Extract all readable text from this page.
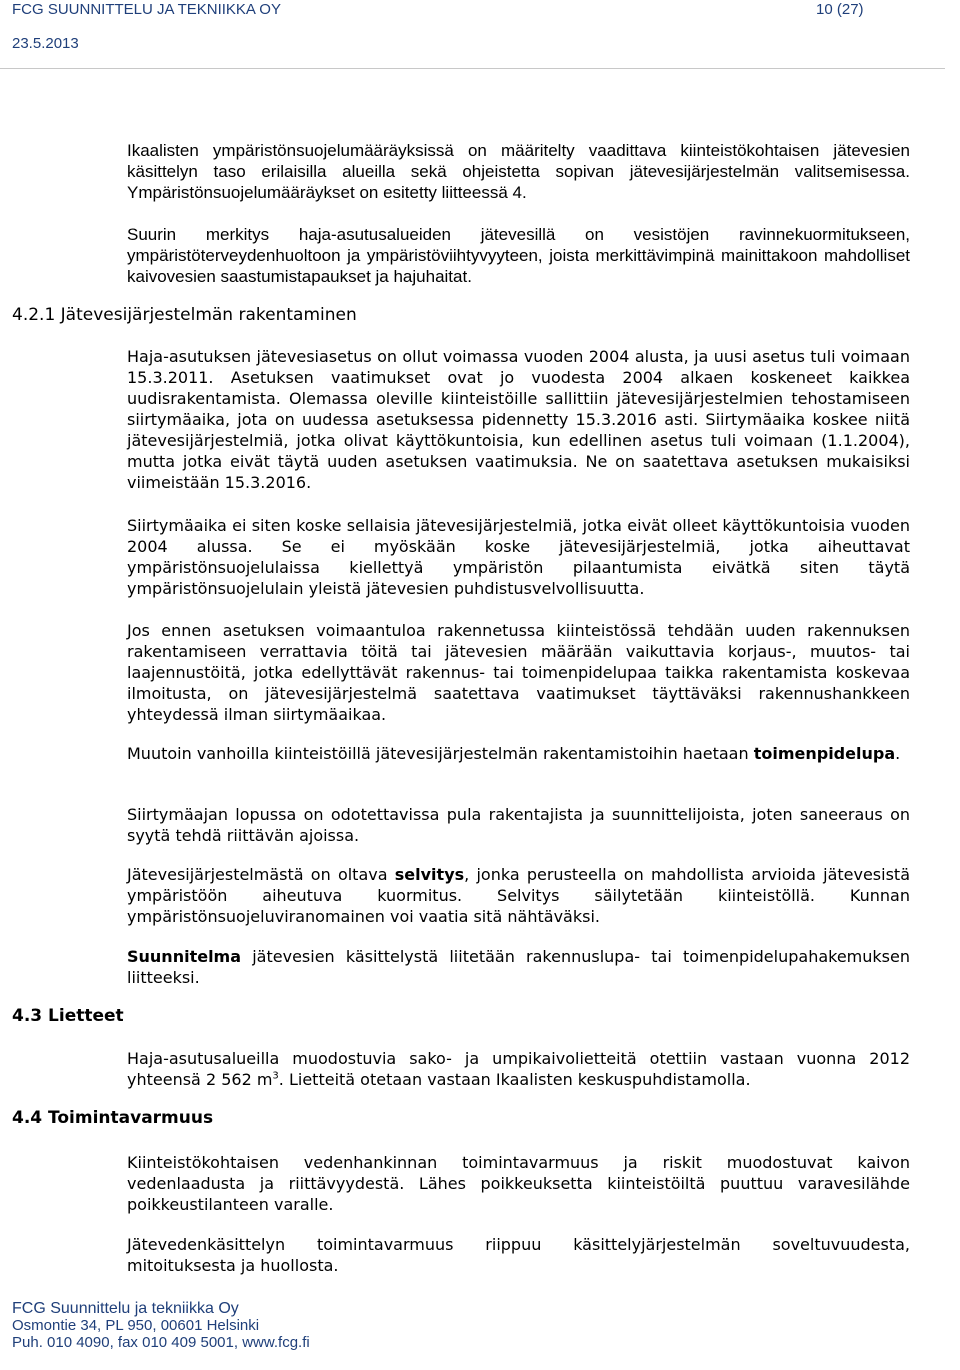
FCG SUUNNITTELU JA TEKNIIKKA OY	10 (27)
23.5.2013
Ikaalisten ympäristönsuojelumääräyksissä on määritelty vaadittava kiinteistökohtaisen jätevesien käsittelyn taso erilaisilla alueilla sekä ohjeistetta sopivan jätevesijärjestelmän valitsemisessa. Ympäristönsuojelumääräykset on esitetty liitteessä 4.
Suurin merkitys haja-asutusalueiden jätevesillä on vesistöjen ravinnekuormitukseen, ympäristöterveydenhuoltoon ja ympäristöviihtyvyyteen, joista merkittävimpinä mainittakoon mahdolliset kaivovesien saastumistapaukset ja hajuhaitat.
4.2.1 Jätevesijärjestelmän rakentaminen
Haja-asutuksen jätevesiasetus on ollut voimassa vuoden 2004 alusta, ja uusi asetus tuli voimaan 15.3.2011. Asetuksen vaatimukset ovat jo vuodesta 2004 alkaen koskeneet kaikkea uudisrakentamista. Olemassa oleville kiinteistöille sallittiin jätevesijärjestelmien tehostamiseen siirtymäaika, jota on uudessa asetuksessa pidennetty 15.3.2016 asti. Siirtymäaika koskee niitä jätevesijärjestelmiä, jotka olivat käyttökuntoisia, kun edellinen asetus tuli voimaan (1.1.2004), mutta jotka eivät täytä uuden asetuksen vaatimuksia. Ne on saatettava asetuksen mukaisiksi viimeistään 15.3.2016.
Siirtymäaika ei siten koske sellaisia jätevesijärjestelmiä, jotka eivät olleet käyttökuntoisia vuoden 2004 alussa. Se ei myöskään koske jätevesijärjestelmiä, jotka aiheuttavat ympäristönsuojelulaissa kiellettyä ympäristön pilaantumista eivätkä siten täytä ympäristönsuojelulain yleistä jätevesien puhdistusvelvollisuutta.
Jos ennen asetuksen voimaantuloa rakennetussa kiinteistössä tehdään uuden rakennuksen rakentamiseen verrattavia töitä tai jätevesien määrään vaikuttavia korjaus-, muutos- tai laajennustöitä, jotka edellyttävät rakennus- tai toimenpidelupaa taikka rakentamista koskevaa ilmoitusta, on jätevesijärjestelmä saatettava vaatimukset täyttäväksi rakennushankkeen yhteydessä ilman siirtymäaikaa.
Muutoin vanhoilla kiinteistöillä jätevesijärjestelmän rakentamistoihin haetaan toimenpidelupa.
Siirtymäajan lopussa on odotettavissa pula rakentajista ja suunnittelijoista, joten saneeraus on syytä tehdä riittävän ajoissa.
Jätevesijärjestelmästä on oltava selvitys, jonka perusteella on mahdollista arvioida jätevesistä ympäristöön aiheutuva kuormitus. Selvitys säilytetään kiinteistöllä. Kunnan ympäristönsuojeluviranomainen voi vaatia sitä nähtäväksi.
Suunnitelma jätevesien käsittelystä liitetään rakennuslupa- tai toimenpidelupahakemuksen liitteeksi.
4.3 Lietteet
Haja-asutusalueilla muodostuvia sako- ja umpikaivolietteitä otettiin vastaan vuonna 2012 yhteensä 2 562 $m^3$. Lietteitä otetaan vastaan Ikaalisten keskuspuhdistamolla.
4.4 Toimintavarmuus
Kiinteistökohtaisen vedenhankinnan toimintavarmuus ja riskit muodostuvat kaivon vedenlaadusta ja riittävyydestä. Lähes poikkeuksetta kiinteistöiltä puuttuu varavesilähde poikkeustilanteen varalle.
Jätevedenkäsittelyn toimintavarmuus riippuu käsittelyjärjestelmän soveltuvuudesta, mitoituksesta ja huollosta.
FCG Suunnittelu ja tekniikka Oy
Osmontie 34, PL 950, 00601 Helsinki
Puh. 010 4090, fax 010 409 5001, www.fcg.fi
